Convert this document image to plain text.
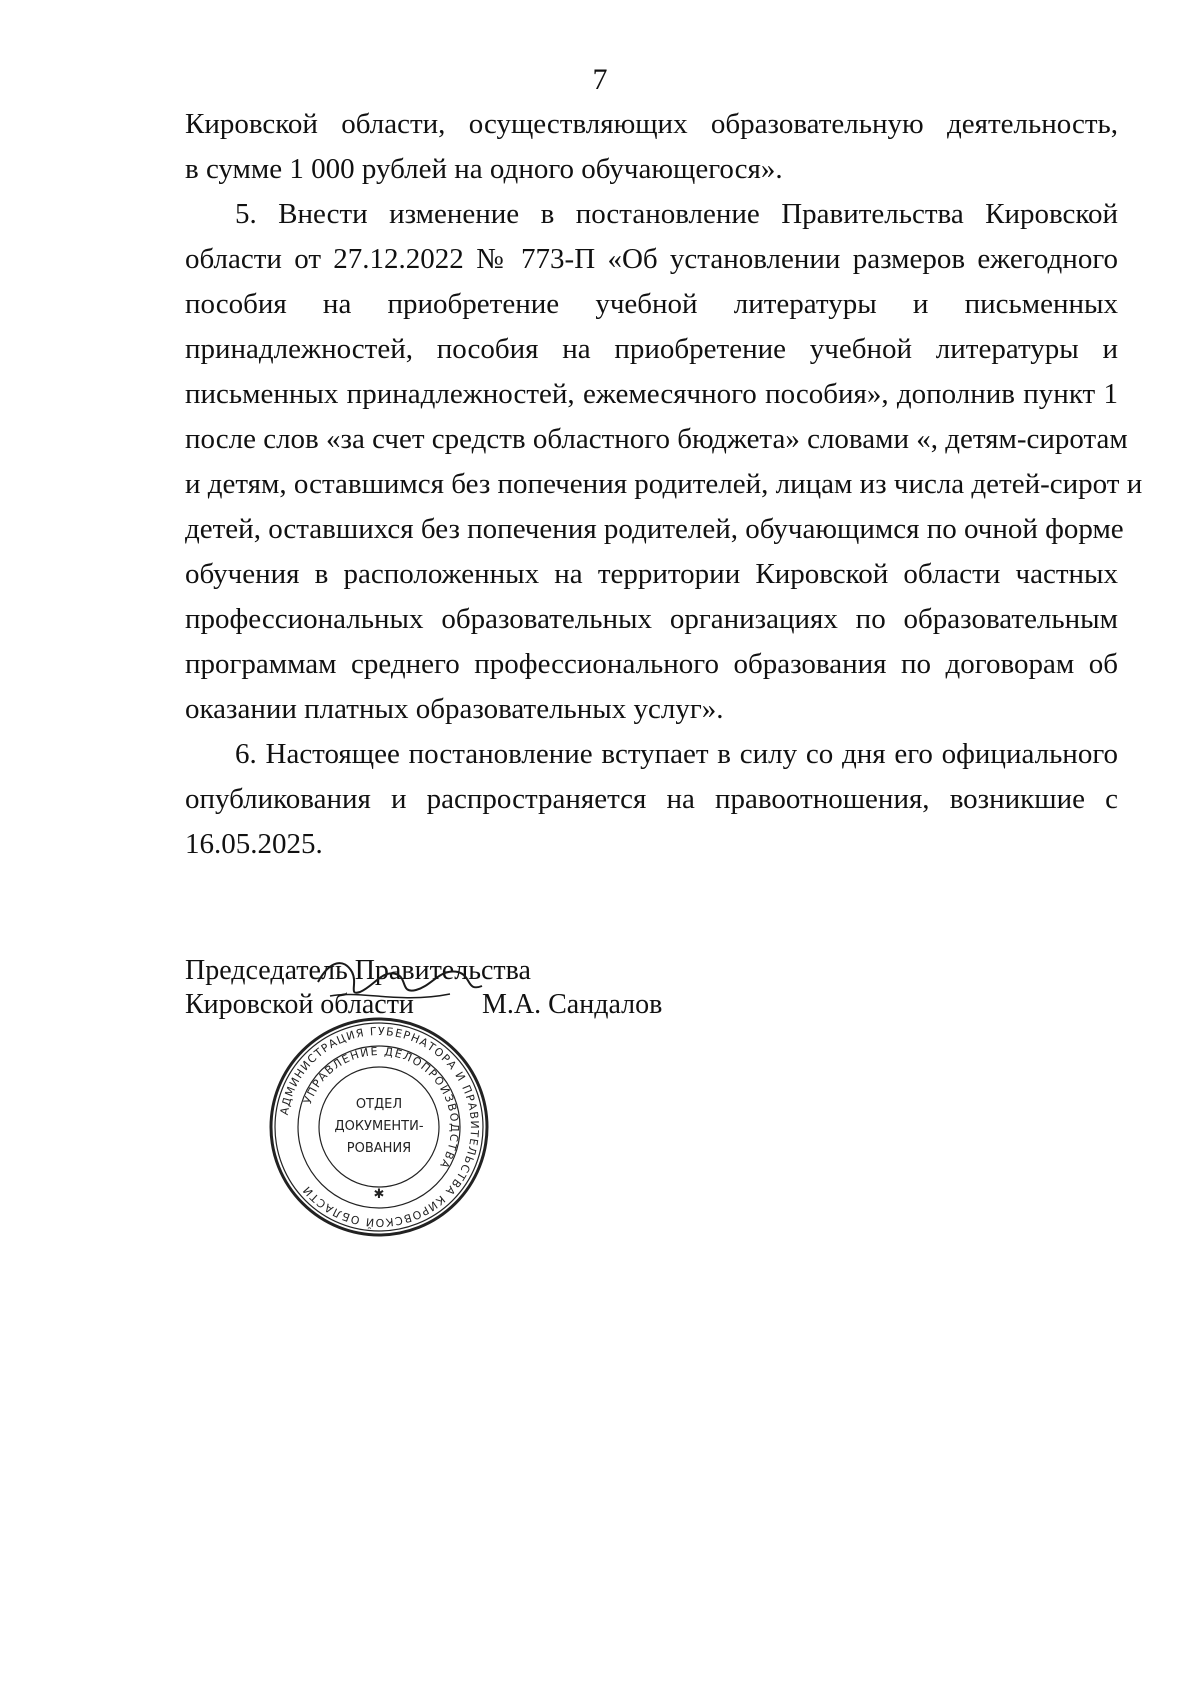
7
Кировской области, осуществляющих образовательную деятельность,
в сумме 1 000 рублей на одного обучающегося».
5. Внести изменение в постановление Правительства Кировской
области от 27.12.2022 № 773-П «Об установлении размеров ежегодного
пособия на приобретение учебной литературы и письменных
принадлежностей, пособия на приобретение учебной литературы и
письменных принадлежностей, ежемесячного пособия», дополнив пункт 1
после слов «за счет средств областного бюджета» словами «, детям-сиротам
и детям, оставшимся без попечения родителей, лицам из числа детей-сирот и
детей, оставшихся без попечения родителей, обучающимся по очной форме
обучения в расположенных на территории Кировской области частных
профессиональных образовательных организациях по образовательным
программам среднего профессионального образования по договорам об
оказании платных образовательных услуг».
6. Настоящее постановление вступает в силу со дня его официального
опубликования и распространяется на правоотношения, возникшие с
16.05.2025.
Председатель Правительства
Кировской области М.А. Сандалов
АДМИНИСТРАЦИЯ ГУБЕРНАТОРА И ПРАВИТЕЛЬСТВА КИРОВСКОЙ ОБЛАСТИ
УПРАВЛЕНИЕ ДЕЛОПРОИЗВОДСТВА
ОТДЕЛ
ДОКУМЕНТИ-
РОВАНИЯ
✱
